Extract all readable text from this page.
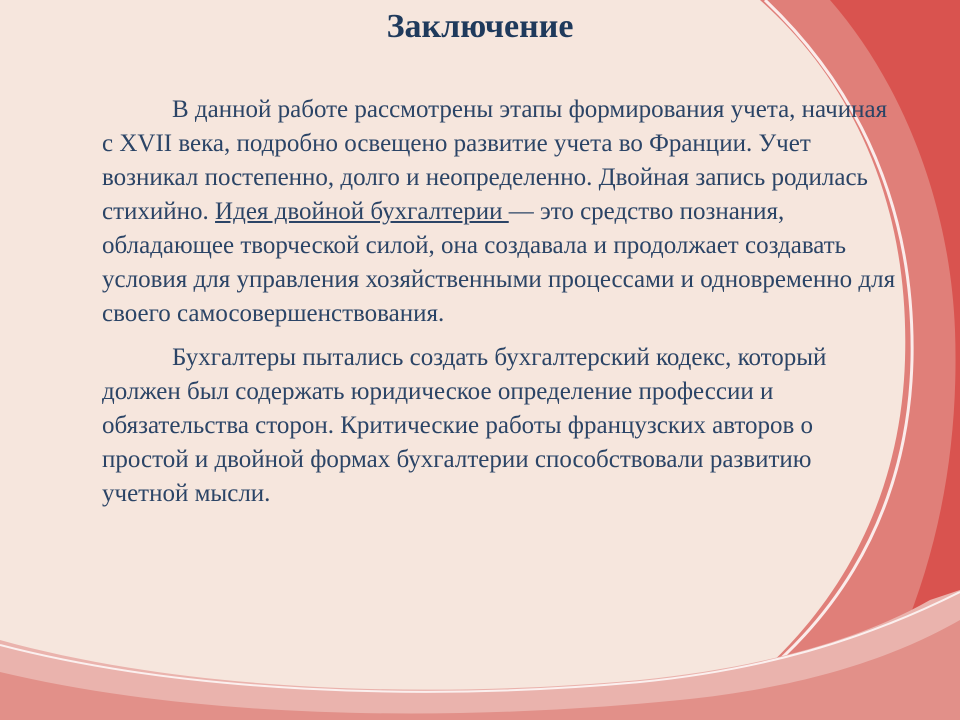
Заключение

В данной работе рассмотрены этапы формирования учета, начиная с XVII века, подробно освещено развитие учета во Франции. Учет возникал постепенно, долго и неопределенно. Двойная запись родилась стихийно. Идея двойной бухгалтерии — это средство познания, обладающее творческой силой, она создавала и продолжает создавать условия для управления хозяйственными процессами и одновременно для своего самосовершенствования.

Бухгалтеры пытались создать бухгалтерский кодекс, который должен был содержать юридическое определение профессии и обязательства сторон. Критические работы французских авторов о простой и двойной формах бухгалтерии способствовали развитию учетной мысли.
